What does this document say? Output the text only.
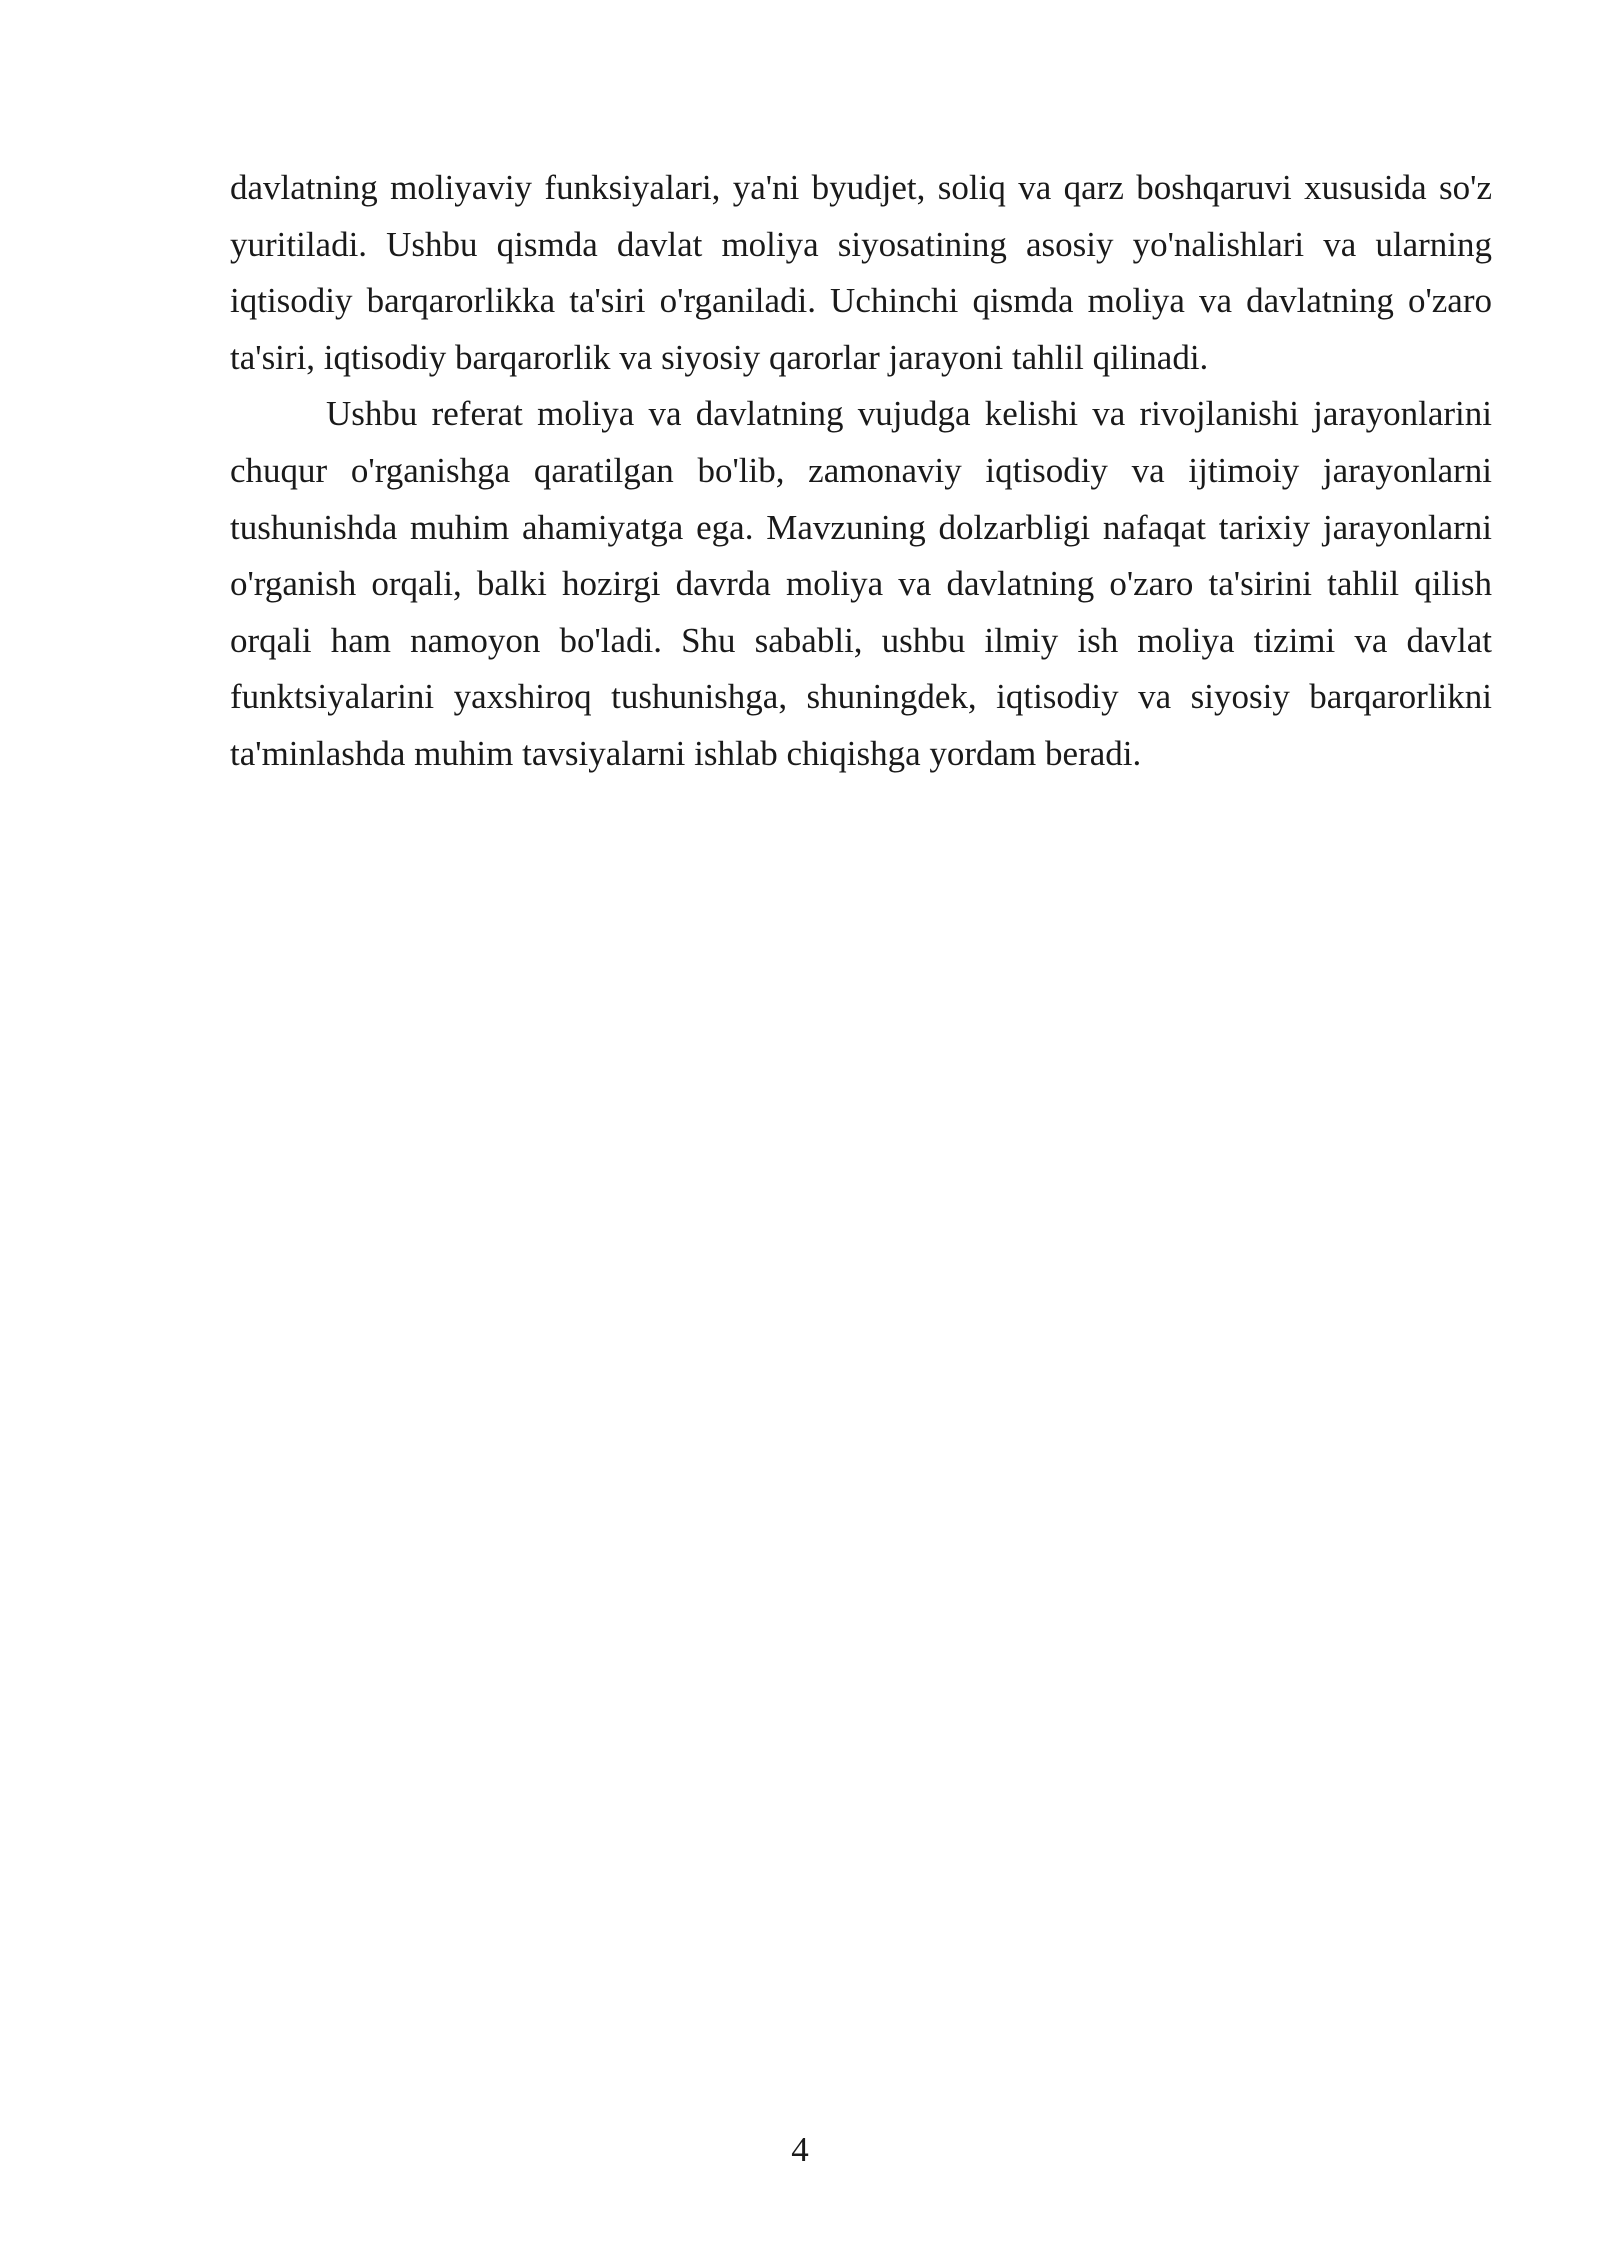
davlatning moliyaviy funksiyalari, ya'ni byudjet, soliq va qarz boshqaruvi xususida so'z yuritiladi. Ushbu qismda davlat moliya siyosatining asosiy yo'nalishlari va ularning iqtisodiy barqarorlikka ta'siri o'rganiladi. Uchinchi qismda moliya va davlatning o'zaro ta'siri, iqtisodiy barqarorlik va siyosiy qarorlar jarayoni tahlil qilinadi.

Ushbu referat moliya va davlatning vujudga kelishi va rivojlanishi jarayonlarini chuqur o'rganishga qaratilgan bo'lib, zamonaviy iqtisodiy va ijtimoiy jarayonlarni tushunishda muhim ahamiyatga ega. Mavzuning dolzarbligi nafaqat tarixiy jarayonlarni o'rganish orqali, balki hozirgi davrda moliya va davlatning o'zaro ta'sirini tahlil qilish orqali ham namoyon bo'ladi. Shu sababli, ushbu ilmiy ish moliya tizimi va davlat funktsiyalarini yaxshiroq tushunishga, shuningdek, iqtisodiy va siyosiy barqarorlikni ta'minlashda muhim tavsiyalarni ishlab chiqishga yordam beradi.

4
